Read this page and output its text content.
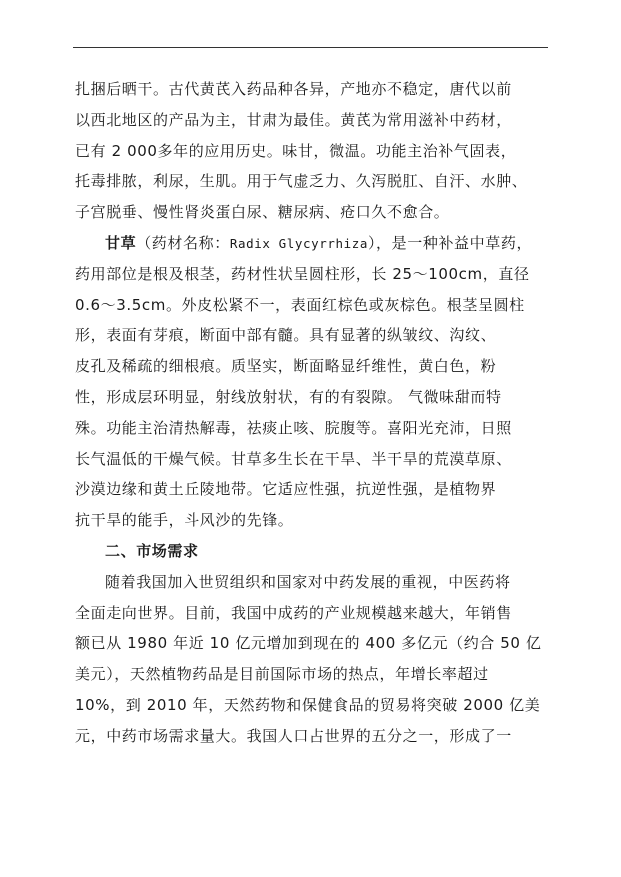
扎捆后晒干。古代黄芪入药品种各异，产地亦不稳定，唐代以前
以西北地区的产品为主，甘肃为最佳。黄芪为常用滋补中药材，
已有 2 000多年的应用历史。味甘，微温。功能主治补气固表，
托毒排脓，利尿，生肌。用于气虚乏力、久泻脱肛、自汗、水肿、
子宫脱垂、慢性肾炎蛋白尿、糖尿病、疮口久不愈合。
甘草（药材名称：Radix Glycyrrhiza），是一种补益中草药，
药用部位是根及根茎，药材性状呈圆柱形，长 25～100cm，直径
0.6～3.5cm。外皮松紧不一，表面红棕色或灰棕色。根茎呈圆柱
形，表面有芽痕，断面中部有髓。具有显著的纵皱纹、沟纹、
皮孔及稀疏的细根痕。质坚实，断面略显纤维性，黄白色，粉
性，形成层环明显，射线放射状，有的有裂隙。 气微味甜而特
殊。功能主治清热解毒，祛痰止咳、脘腹等。喜阳光充沛，日照
长气温低的干燥气候。甘草多生长在干旱、半干旱的荒漠草原、
沙漠边缘和黄土丘陵地带。它适应性强，抗逆性强，是植物界
抗干旱的能手，斗风沙的先锋。
二、市场需求
随着我国加入世贸组织和国家对中药发展的重视，中医药将
全面走向世界。目前，我国中成药的产业规模越来越大，年销售
额已从 1980 年近 10 亿元增加到现在的 400 多亿元（约合 50 亿
美元），天然植物药品是目前国际市场的热点，年增长率超过
10%，到 2010 年，天然药物和保健食品的贸易将突破 2000 亿美
元，中药市场需求量大。我国人口占世界的五分之一，形成了一
